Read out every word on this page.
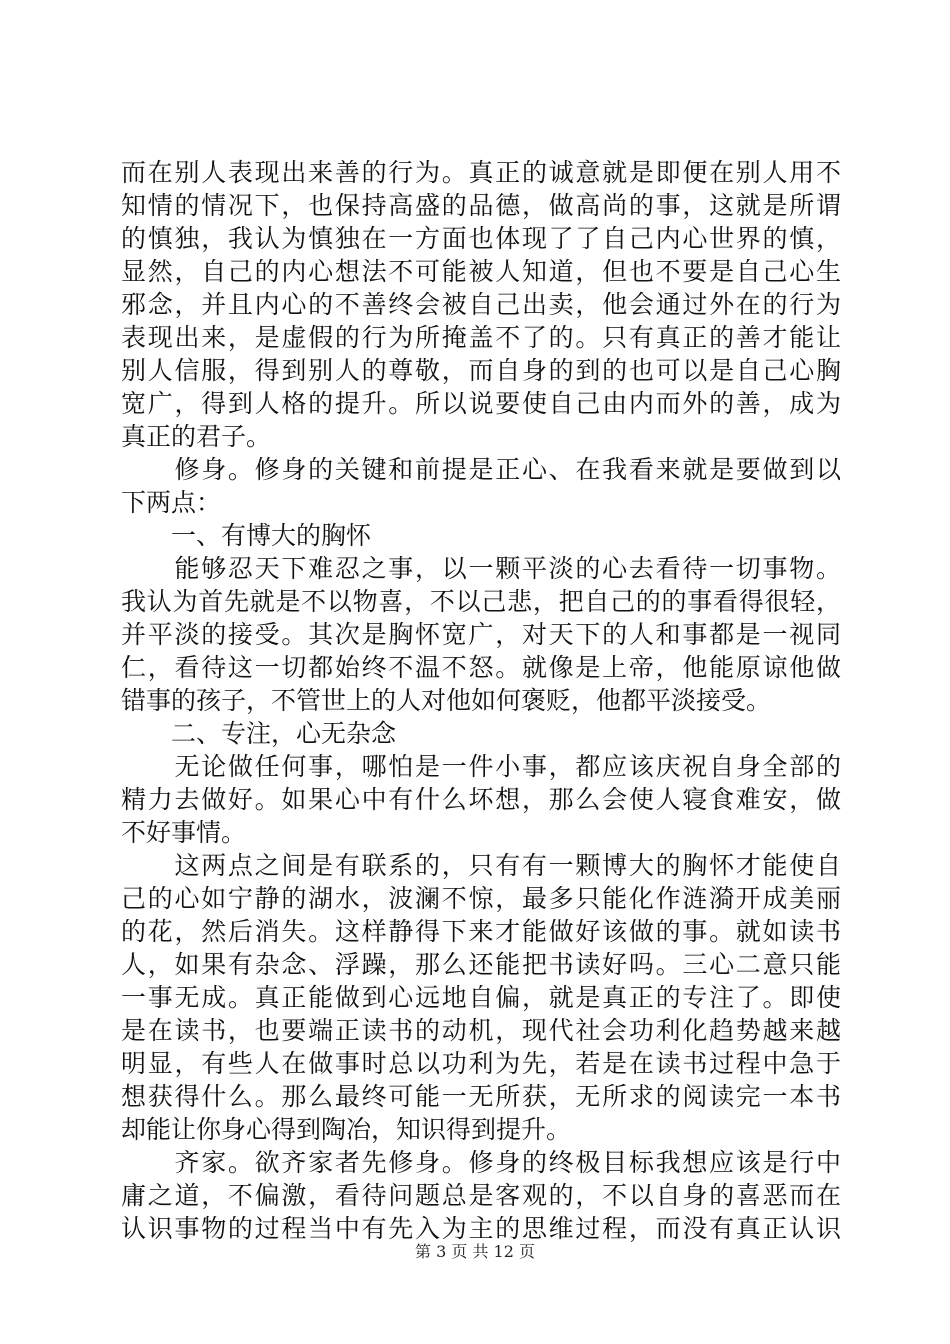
而在别人表现出来善的行为。真正的诚意就是即便在别人用不
知情的情况下，也保持高盛的品德，做高尚的事，这就是所谓
的慎独，我认为慎独在一方面也体现了了自己内心世界的慎，
显然，自己的内心想法不可能被人知道，但也不要是自己心生
邪念，并且内心的不善终会被自己出卖，他会通过外在的行为
表现出来，是虚假的行为所掩盖不了的。只有真正的善才能让
别人信服，得到别人的尊敬，而自身的到的也可以是自己心胸
宽广，得到人格的提升。所以说要使自己由内而外的善，成为
真正的君子。
　　修身。修身的关键和前提是正心、在我看来就是要做到以
下两点：
　　一、有博大的胸怀
　　能够忍天下难忍之事，以一颗平淡的心去看待一切事物。
我认为首先就是不以物喜，不以己悲，把自己的的事看得很轻，
并平淡的接受。其次是胸怀宽广，对天下的人和事都是一视同
仁，看待这一切都始终不温不怒。就像是上帝，他能原谅他做
错事的孩子，不管世上的人对他如何褒贬，他都平淡接受。
　　二、专注，心无杂念
　　无论做任何事，哪怕是一件小事，都应该庆祝自身全部的
精力去做好。如果心中有什么坏想，那么会使人寝食难安，做
不好事情。
　　这两点之间是有联系的，只有有一颗博大的胸怀才能使自
己的心如宁静的湖水，波澜不惊，最多只能化作涟漪开成美丽
的花，然后消失。这样静得下来才能做好该做的事。就如读书
人，如果有杂念、浮躁，那么还能把书读好吗。三心二意只能
一事无成。真正能做到心远地自偏，就是真正的专注了。即使
是在读书，也要端正读书的动机，现代社会功利化趋势越来越
明显，有些人在做事时总以功利为先，若是在读书过程中急于
想获得什么。那么最终可能一无所获，无所求的阅读完一本书
却能让你身心得到陶冶，知识得到提升。
　　齐家。欲齐家者先修身。修身的终极目标我想应该是行中
庸之道，不偏激，看待问题总是客观的，不以自身的喜恶而在
认识事物的过程当中有先入为主的思维过程，而没有真正认识
第 3 页 共 12 页
